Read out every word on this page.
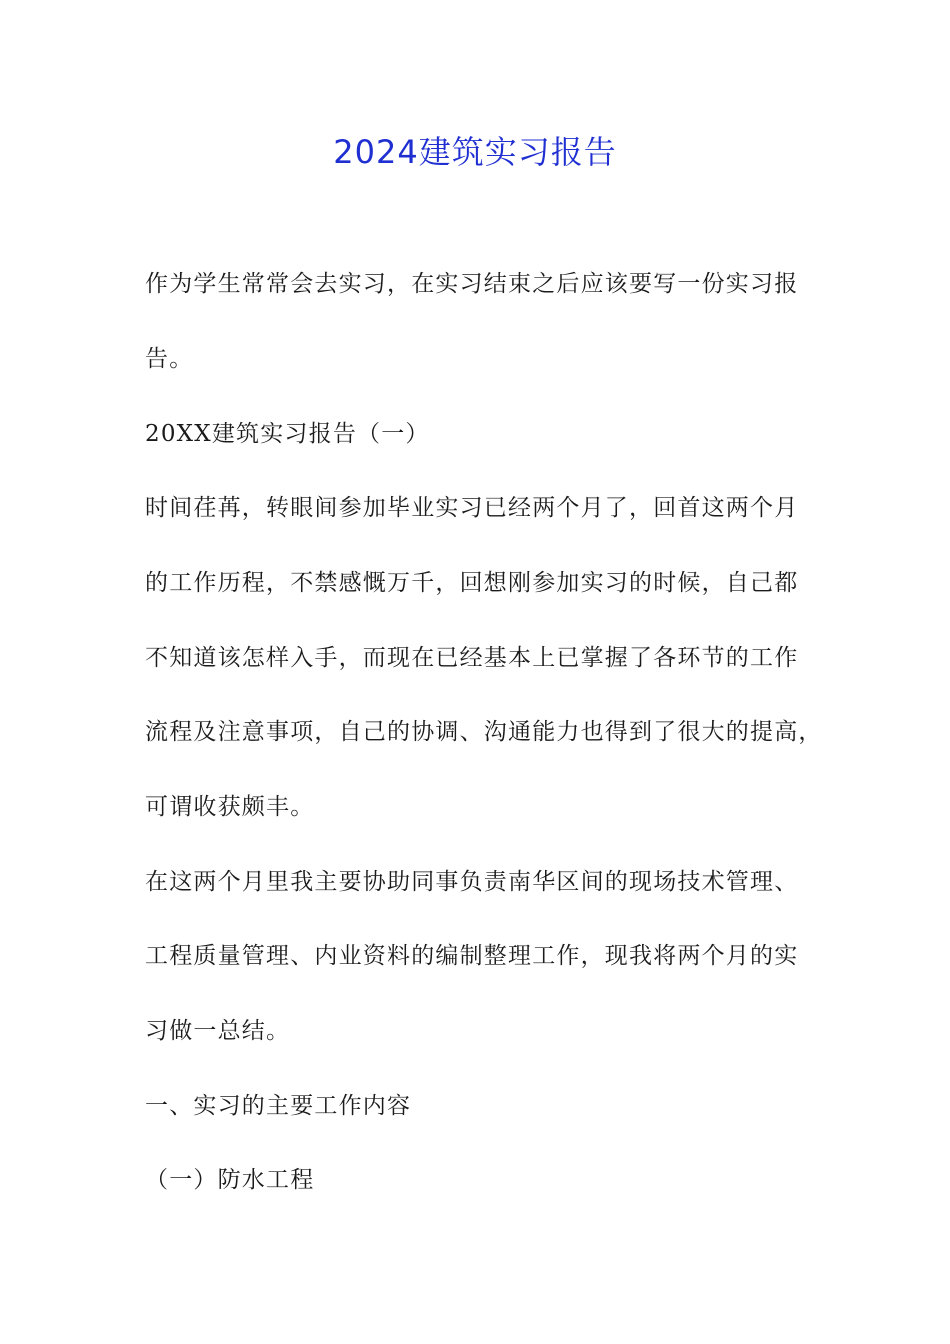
2024建筑实习报告

作为学生常常会去实习，在实习结束之后应该要写一份实习报

告。

20XX建筑实习报告（一）

时间荏苒，转眼间参加毕业实习已经两个月了，回首这两个月

的工作历程，不禁感慨万千，回想刚参加实习的时候，自己都

不知道该怎样入手，而现在已经基本上已掌握了各环节的工作

流程及注意事项，自己的协调、沟通能力也得到了很大的提高，

可谓收获颇丰。

在这两个月里我主要协助同事负责南华区间的现场技术管理、

工程质量管理、内业资料的编制整理工作，现我将两个月的实

习做一总结。

一、实习的主要工作内容

（一）防水工程
